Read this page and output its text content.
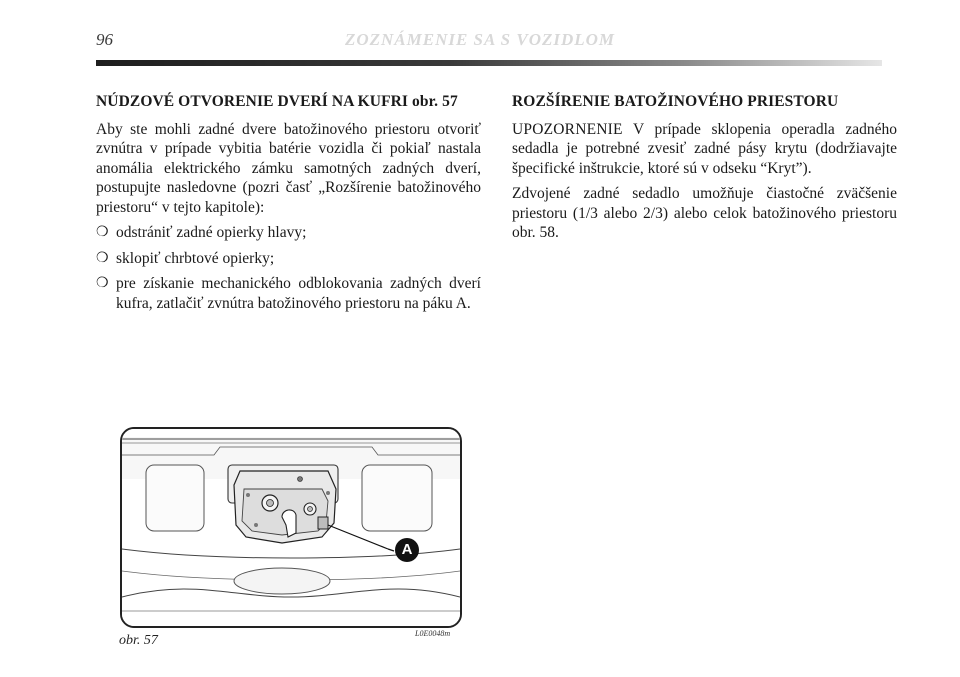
96	ZOZNÁMENIE SA S VOZIDLOM
NÚDZOVÉ OTVORENIE DVERÍ NA KUFRI obr. 57

Aby ste mohli zadné dvere batožinového priestoru otvoriť zvnútra v prípade vybitia batérie vozidla či pokiaľ nastala anomália elektrického zámku samotných zadných dverí, postupujte nasledovne (pozri časť „Rozšírenie batožinového priestoru“ v tejto kapitole):

❍ odstrániť zadné opierky hlavy;
❍ sklopiť chrbtové opierky;
❍ pre získanie mechanického odblokovania zadných dverí kufra, zatlačiť zvnútra batožinového priestoru na páku A.
ROZŠÍRENIE BATOŽINOVÉHO PRIESTORU

UPOZORNENIE V prípade sklopenia operadla zadného sedadla je potrebné zvesiť zadné pásy krytu (dodržiavajte špecifické inštrukcie, ktoré sú v odseku “Kryt”).

Zdvojené zadné sedadlo umožňuje čiastočné zväčšenie priestoru (1/3 alebo 2/3) alebo celok batožinového priestoru obr. 58.

A
obr. 57	L0E0048m
